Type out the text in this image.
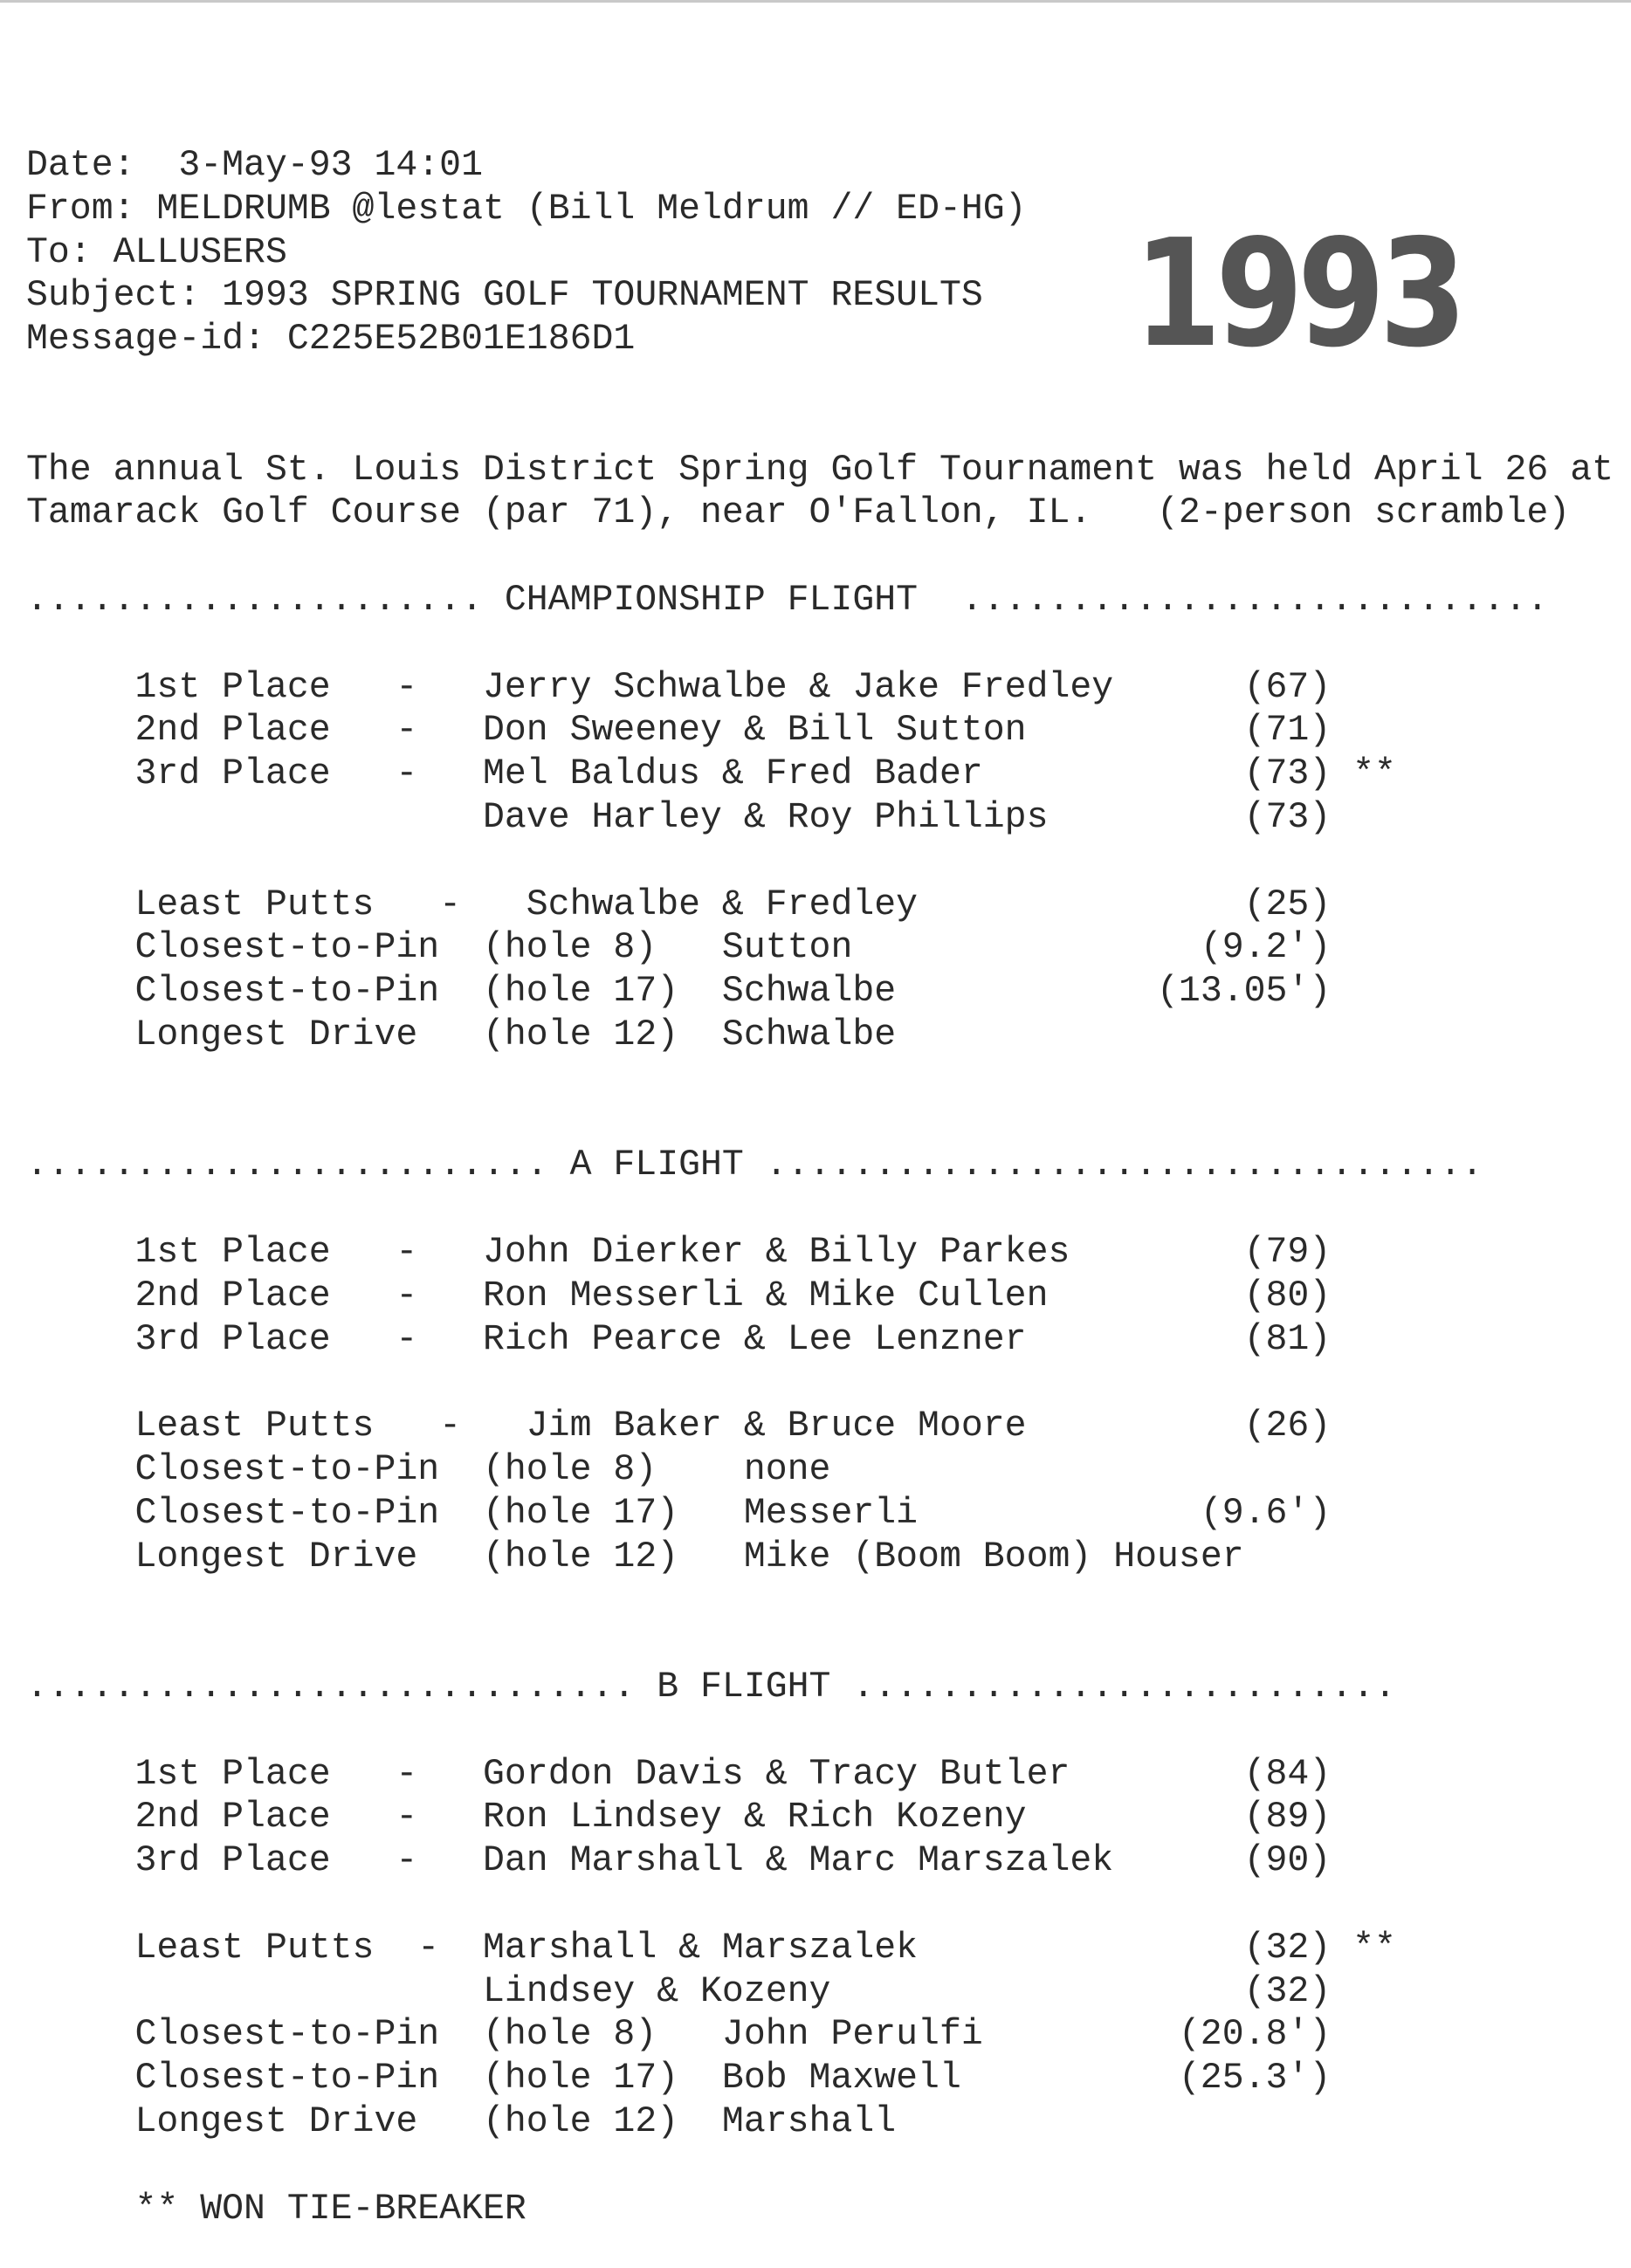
1993
Date:  3-May-93 14:01
From: MELDRUMB @lestat (Bill Meldrum // ED-HG)
To: ALLUSERS
Subject: 1993 SPRING GOLF TOURNAMENT RESULTS
Message-id: C225E52B01E186D1
The annual St. Louis District Spring Golf Tournament was held April 26 at
Tamarack Golf Course (par 71), near O'Fallon, IL.   (2-person scramble)
..................... CHAMPIONSHIP FLIGHT ...........................
1st Place - Jerry Schwalbe & Jake Fredley	(67)
2nd Place - Don Sweeney & Bill Sutton	(71)
3rd Place - Mel Baldus & Fred Bader	(73) **
Dave Harley & Roy Phillips	(73)
Least Putts - Schwalbe & Fredley	(25)
Closest-to-Pin (hole 8) Sutton	(9.2')
Closest-to-Pin (hole 17) Schwalbe	(13.05')
Longest Drive (hole 12) Schwalbe
........................ A FLIGHT .................................
1st Place - John Dierker & Billy Parkes	(79)
2nd Place - Ron Messerli & Mike Cullen	(80)
3rd Place - Rich Pearce & Lee Lenzner	(81)
Least Putts - Jim Baker & Bruce Moore	(26)
Closest-to-Pin (hole 8) none
Closest-to-Pin (hole 17) Messerli	(9.6')
Longest Drive (hole 12) Mike (Boom Boom) Houser
............................ B FLIGHT .........................
1st Place - Gordon Davis & Tracy Butler	(84)
2nd Place - Ron Lindsey & Rich Kozeny	(89)
3rd Place - Dan Marshall & Marc Marszalek	(90)
Least Putts - Marshall & Marszalek	(32) **
Lindsey & Kozeny	(32)
Closest-to-Pin (hole 8) John Perulfi	(20.8')
Closest-to-Pin (hole 17) Bob Maxwell	(25.3')
Longest Drive (hole 12) Marshall
** WON TIE-BREAKER
